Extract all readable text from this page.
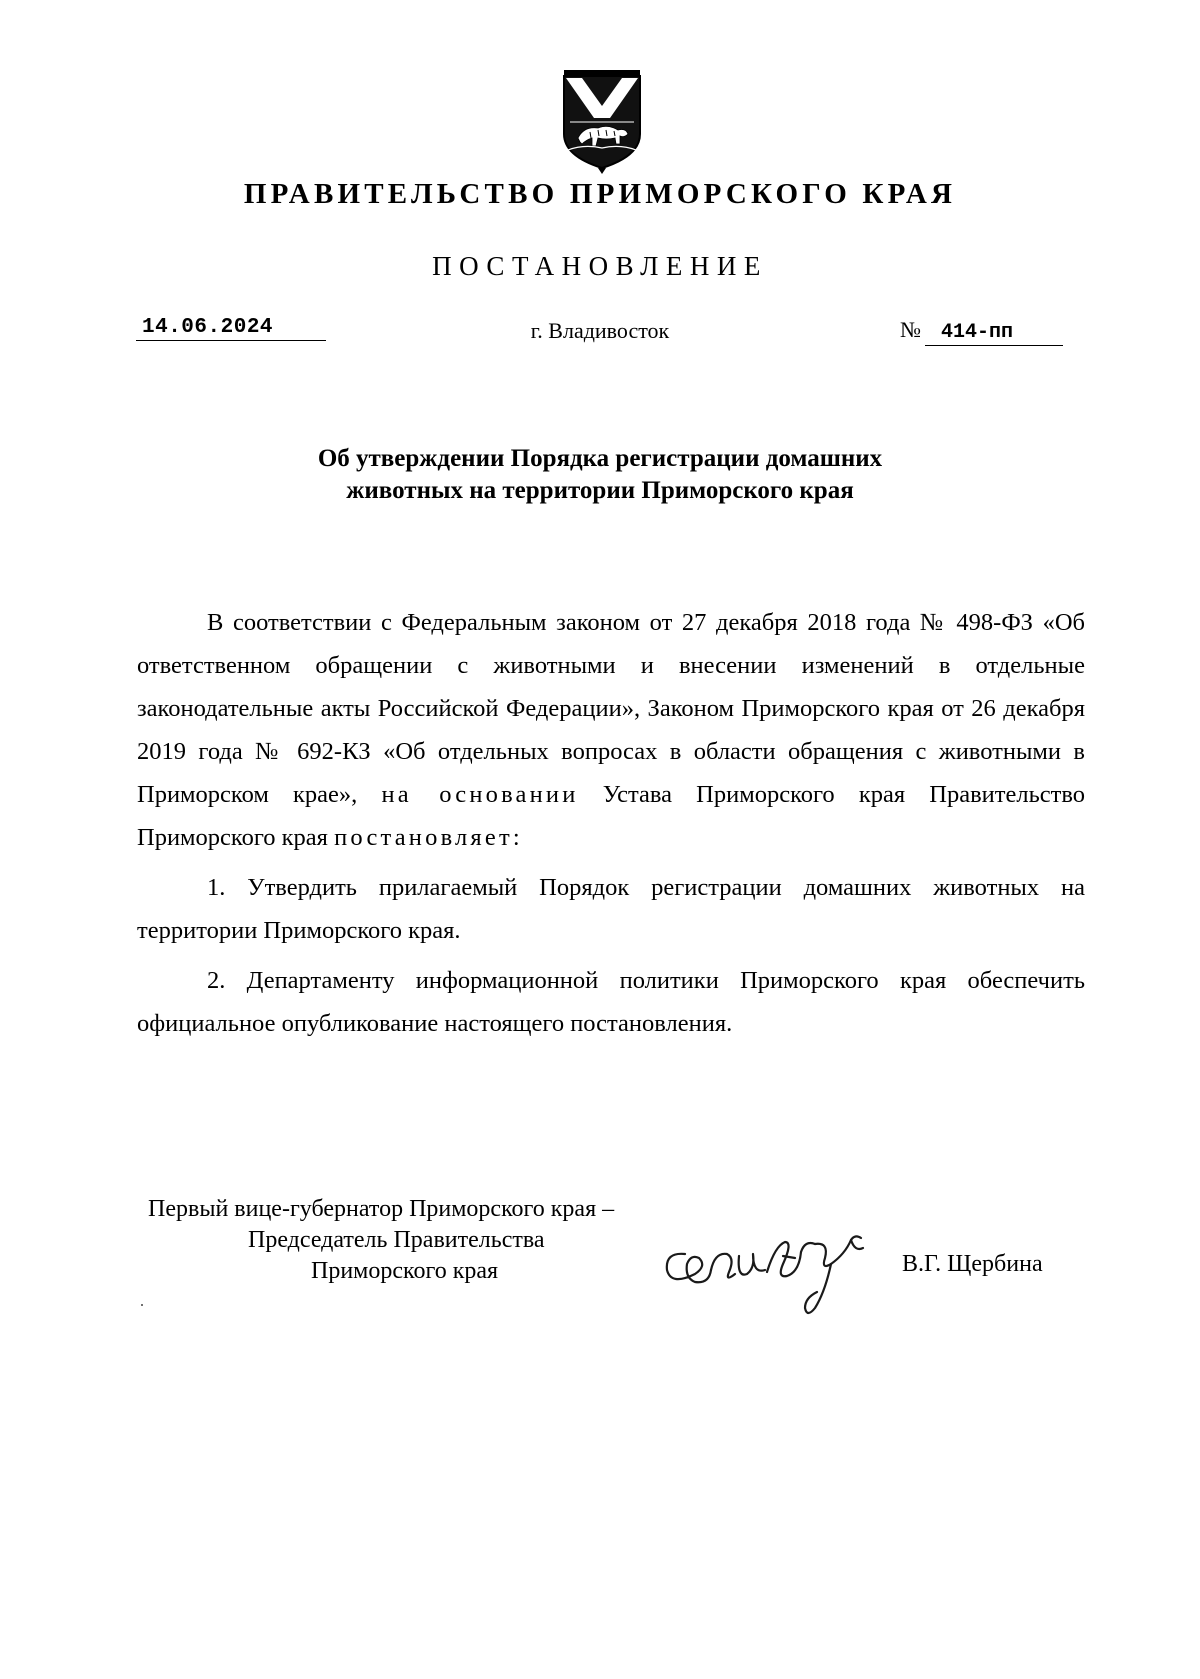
ПРАВИТЕЛЬСТВО ПРИМОРСКОГО КРАЯ
ПОСТАНОВЛЕНИЕ
14.06.2024	г. Владивосток	№ 414-пп
Об утверждении Порядка регистрации домашних
животных на территории Приморского края

В соответствии с Федеральным законом от 27 декабря 2018 года № 498-ФЗ «Об ответственном обращении с животными и внесении изменений в отдельные законодательные акты Российской Федерации», Законом Приморского края от 26 декабря 2019 года № 692-КЗ «Об отдельных вопросах в области обращения с животными в Приморском крае», на основании Устава Приморского края Правительство Приморского края постановляет:

1. Утвердить прилагаемый Порядок регистрации домашних животных на территории Приморского края.

2. Департаменту информационной политики Приморского края обеспечить официальное опубликование настоящего постановления.

Первый вице-губернатор Приморского края –
Председатель Правительства
Приморского края	В.Г. Щербина
